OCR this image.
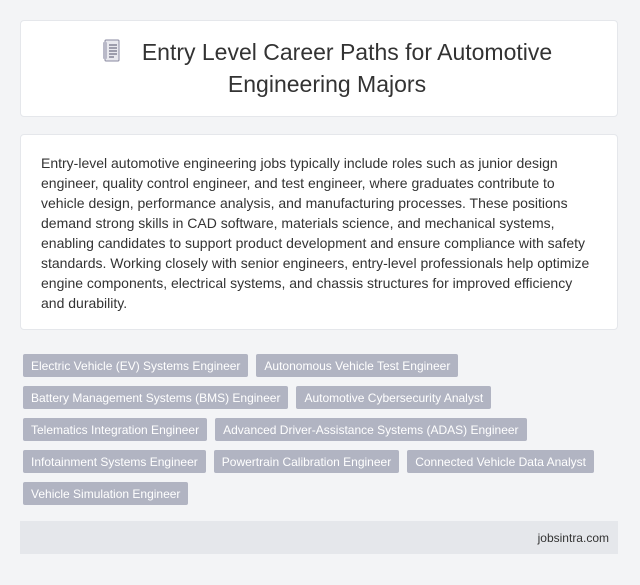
Entry Level Career Paths for Automotive Engineering Majors

Entry-level automotive engineering jobs typically include roles such as junior design engineer, quality control engineer, and test engineer, where graduates contribute to vehicle design, performance analysis, and manufacturing processes. These positions demand strong skills in CAD software, materials science, and mechanical systems, enabling candidates to support product development and ensure compliance with safety standards. Working closely with senior engineers, entry-level professionals help optimize engine components, electrical systems, and chassis structures for improved efficiency and durability.

Electric Vehicle (EV) Systems Engineer	Autonomous Vehicle Test Engineer
Battery Management Systems (BMS) Engineer	Automotive Cybersecurity Analyst
Telematics Integration Engineer	Advanced Driver-Assistance Systems (ADAS) Engineer
Infotainment Systems Engineer	Powertrain Calibration Engineer	Connected Vehicle Data Analyst
Vehicle Simulation Engineer
jobsintra.com
